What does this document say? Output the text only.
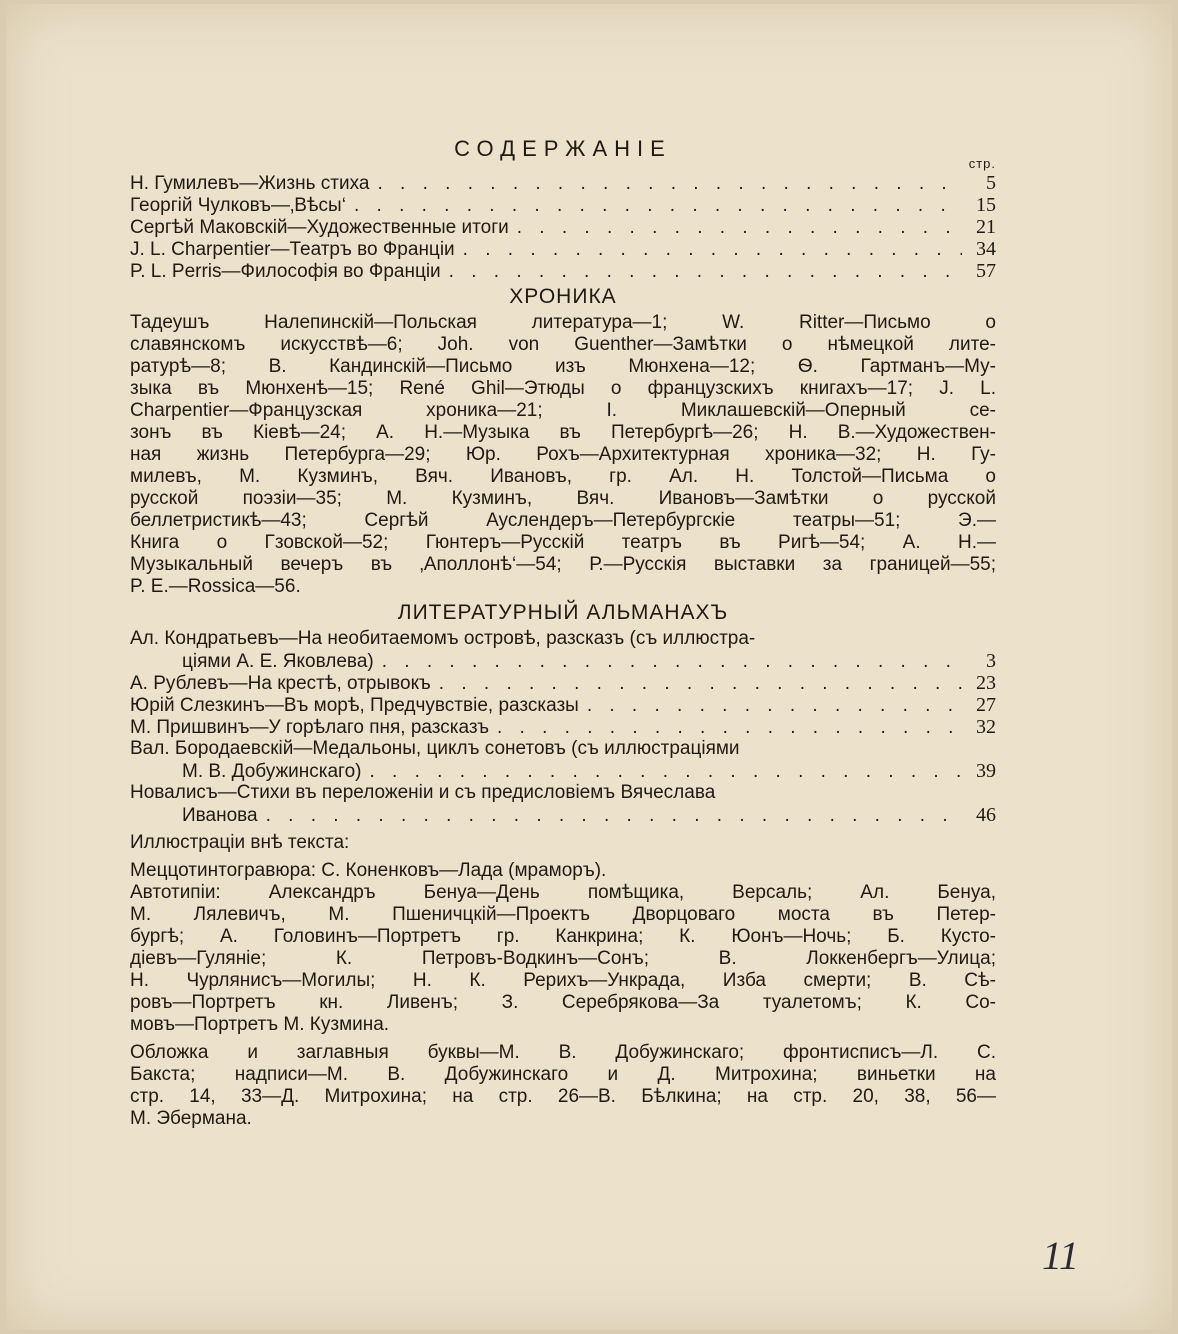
СОДЕРЖАНІЕ
стр.
Н. Гумилевъ—Жизнь стиха . . .	5
Георгій Чулковъ—‚Вѣсы‘ . . .	15
Сергѣй Маковскій—Художественные итоги . . .	21
J. L. Charpentier—Театръ во Франціи . . .	34
P. L. Perris—Философія во Франціи . . .	57
ХРОНИКА
Тадеушъ Налепинскій—Польская литература—1; W. Ritter—Письмо о
славянскомъ искусствѣ—6; Joh. von Guenther—Замѣтки о нѣмецкой лите-
ратурѣ—8; В. Кандинскій—Письмо изъ Мюнхена—12; Ѳ. Гартманъ—Му-
зыка въ Мюнхенѣ—15; René Ghil—Этюды о французскихъ книгахъ—17; J. L.
Charpentier—Французская хроника—21; І. Миклашевскій—Оперный се-
зонъ въ Кіевѣ—24; А. Н.—Музыка въ Петербургѣ—26; Н. В.—Художествен-
ная жизнь Петербурга—29; Юр. Рохъ—Архитектурная хроника—32; Н. Гу-
милевъ, М. Кузминъ, Вяч. Ивановъ, гр. Ал. Н. Толстой—Письма о
русской поэзіи—35; М. Кузминъ, Вяч. Ивановъ—Замѣтки о русской
беллетристикѣ—43; Сергѣй Ауслендеръ—Петербургскіе театры—51; Э.—
Книга о Гзовской—52; Гюнтеръ—Русскій театръ въ Ригѣ—54; А. Н.—
Музыкальный вечеръ въ ‚Аполлонѣ‘—54; Р.—Русскія выставки за границей—55;
P. E.—Rossica—56.
ЛИТЕРАТУРНЫЙ АЛЬМАНАХЪ
Ал. Кондратьевъ—На необитаемомъ островѣ, разсказъ (съ иллюстра-
ціями А. Е. Яковлева) . . .	3
А. Рублевъ—На крестѣ, отрывокъ . . .	23
Юрій Слезкинъ—Въ морѣ, Предчувствіе, разсказы . . .	27
М. Пришвинъ—У горѣлаго пня, разсказъ . . .	32
Вал. Бородаевскій—Медальоны, циклъ сонетовъ (съ иллюстраціями
М. В. Добужинскаго) . . .	39
Новалисъ—Стихи въ переложеніи и съ предисловіемъ Вячеслава
Иванова . . .	46
Иллюстраціи внѣ текста:
Меццотинтогравюра: С. Коненковъ—Лада (мраморъ).
Автотипіи: Александръ Бенуа—День помѣщика, Версаль; Ал. Бенуа,
М. Лялевичъ, М. Пшеничцкій—Проектъ Дворцоваго моста въ Петер-
бургѣ; А. Головинъ—Портретъ гр. Канкрина; К. Юонъ—Ночь; Б. Кусто-
діевъ—Гуляніе; К. Петровъ-Водкинъ—Сонъ; В. Локкенбергъ—Улица;
Н. Чурлянисъ—Могилы; Н. К. Рерихъ—Ункрада, Изба смерти; В. Сѣ-
ровъ—Портретъ кн. Ливенъ; З. Серебрякова—За туалетомъ; К. Со-
мовъ—Портретъ М. Кузмина.
Обложка и заглавныя буквы—М. В. Добужинскаго; фронтисписъ—Л. С.
Бакста; надписи—М. В. Добужинскаго и Д. Митрохина; виньетки на
стр. 14, 33—Д. Митрохина; на стр. 26—В. Бѣлкина; на стр. 20, 38, 56—
М. Эбермана.
11
